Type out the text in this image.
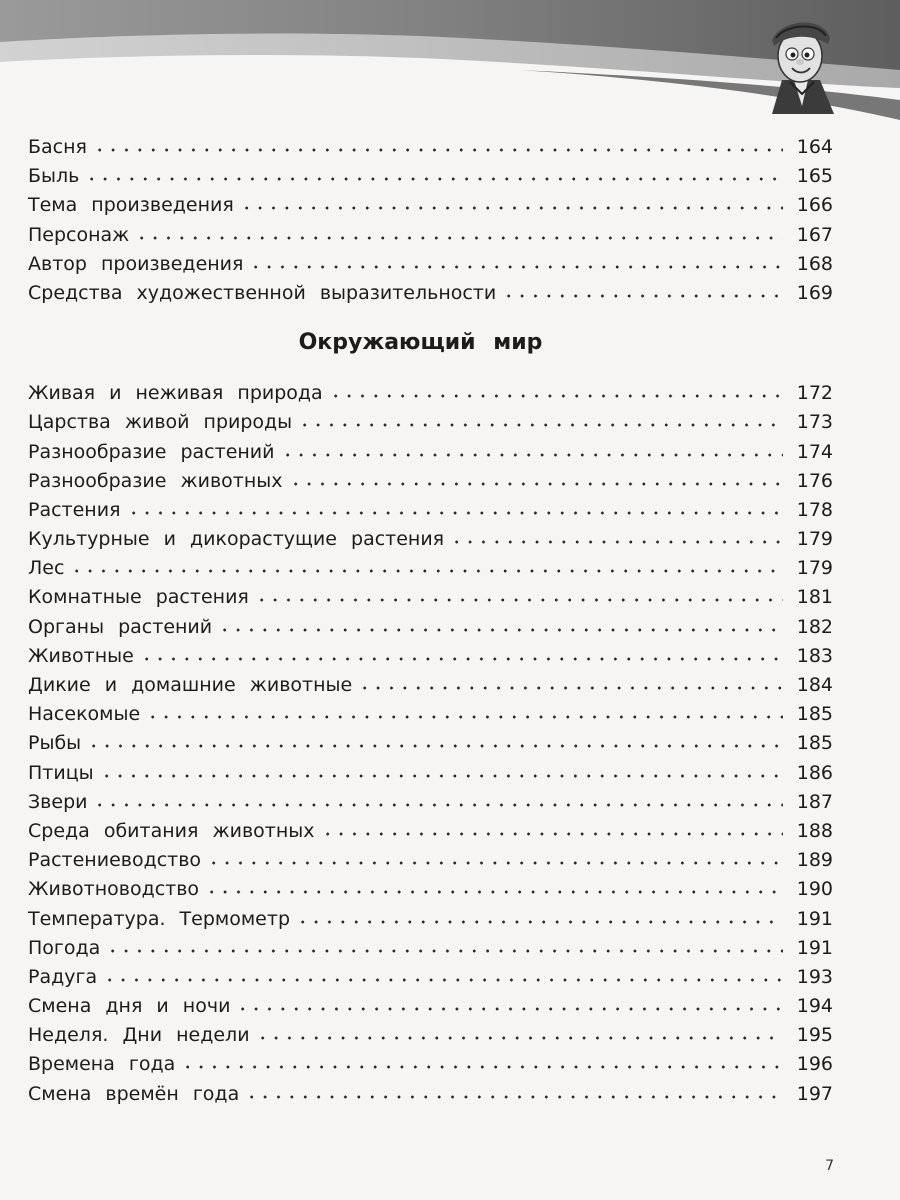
Басня	164
Быль	165
Тема произведения	166
Персонаж	167
Автор произведения	168
Средства художественной выразительности	169
Окружающий мир
Живая и неживая природа	172
Царства живой природы	173
Разнообразие растений	174
Разнообразие животных	176
Растения	178
Культурные и дикорастущие растения	179
Лес	179
Комнатные растения	181
Органы растений	182
Животные	183
Дикие и домашние животные	184
Насекомые	185
Рыбы	185
Птицы	186
Звери	187
Среда обитания животных	188
Растениеводство	189
Животноводство	190
Температура. Термометр	191
Погода	191
Радуга	193
Смена дня и ночи	194
Неделя. Дни недели	195
Времена года	196
Смена времён года	197
7
